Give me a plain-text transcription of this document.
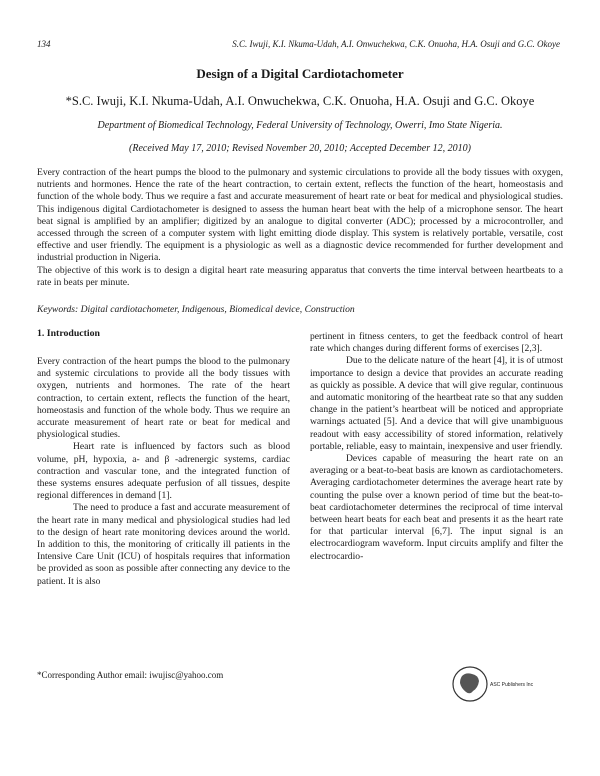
134	S.C. Iwuji, K.I. Nkuma-Udah, A.I. Onwuchekwa, C.K. Onuoha, H.A. Osuji and G.C. Okoye
Design of a Digital Cardiotachometer
*S.C. Iwuji, K.I. Nkuma-Udah, A.I. Onwuchekwa, C.K. Onuoha, H.A. Osuji and G.C. Okoye
Department of Biomedical Technology, Federal University of Technology, Owerri, Imo State Nigeria.
(Received May 17, 2010; Revised November 20, 2010; Accepted December 12, 2010)

Every contraction of the heart pumps the blood to the pulmonary and systemic circulations to provide all the body tissues with oxygen, nutrients and hormones. Hence the rate of the heart contraction, to certain extent, reflects the function of the heart, homeostasis and function of the whole body. Thus we require a fast and accurate measurement of heart rate or beat for medical and physiological studies. This indigenous digital Cardiotachometer is designed to assess the human heart beat with the help of a microphone sensor. The heart beat signal is amplified by an amplifier; digitized by an analogue to digital converter (ADC); processed by a microcontroller, and accessed through the screen of a computer system with light emitting diode display. This system is relatively portable, versatile, cost effective and user friendly. The equipment is a physiologic as well as a diagnostic device recommended for further development and industrial production in Nigeria.

The objective of this work is to design a digital heart rate measuring apparatus that converts the time interval between heartbeats to a rate in beats per minute.

Keywords: Digital cardiotachometer, Indigenous, Biomedical device, Construction
1. Introduction

Every contraction of the heart pumps the blood to the pulmonary and systemic circulations to provide all the body tissues with oxygen, nutrients and hormones. The rate of the heart contraction, to certain extent, reflects the function of the heart, homeostasis and function of the whole body. Thus we require an accurate measurement of heart rate or beat for medical and physiological studies.

Heart rate is influenced by factors such as blood volume, pH, hypoxia, a- and β -adrenergic systems, cardiac contraction and vascular tone, and the integrated function of these systems ensures adequate perfusion of all tissues, despite regional differences in demand [1].

The need to produce a fast and accurate measurement of the heart rate in many medical and physiological studies had led to the design of heart rate monitoring devices around the world. In addition to this, the monitoring of critically ill patients in the Intensive Care Unit (ICU) of hospitals requires that information be provided as soon as possible after connecting any device to the patient. It is also

pertinent in fitness centers, to get the feedback control of heart rate which changes during different forms of exercises [2,3].

Due to the delicate nature of the heart [4], it is of utmost importance to design a device that provides an accurate reading as quickly as possible. A device that will give regular, continuous and automatic monitoring of the heartbeat rate so that any sudden change in the patient’s heartbeat will be noticed and appropriate warnings actuated [5]. And a device that will give unambiguous readout with easy accessibility of stored information, relatively portable, reliable, easy to maintain, inexpensive and user friendly.

Devices capable of measuring the heart rate on an averaging or a beat-to-beat basis are known as cardiotachometers. Averaging cardiotachometer determines the average heart rate by counting the pulse over a known period of time but the beat-to-beat cardiotachometer determines the reciprocal of time interval between heart beats for each beat and presents it as the heart rate for that particular interval [6,7]. The input signal is an electrocardiogram waveform. Input circuits amplify and filter the electrocardio-

*Corresponding Author email: iwujisc@yahoo.com
ASC Publishers Inc
